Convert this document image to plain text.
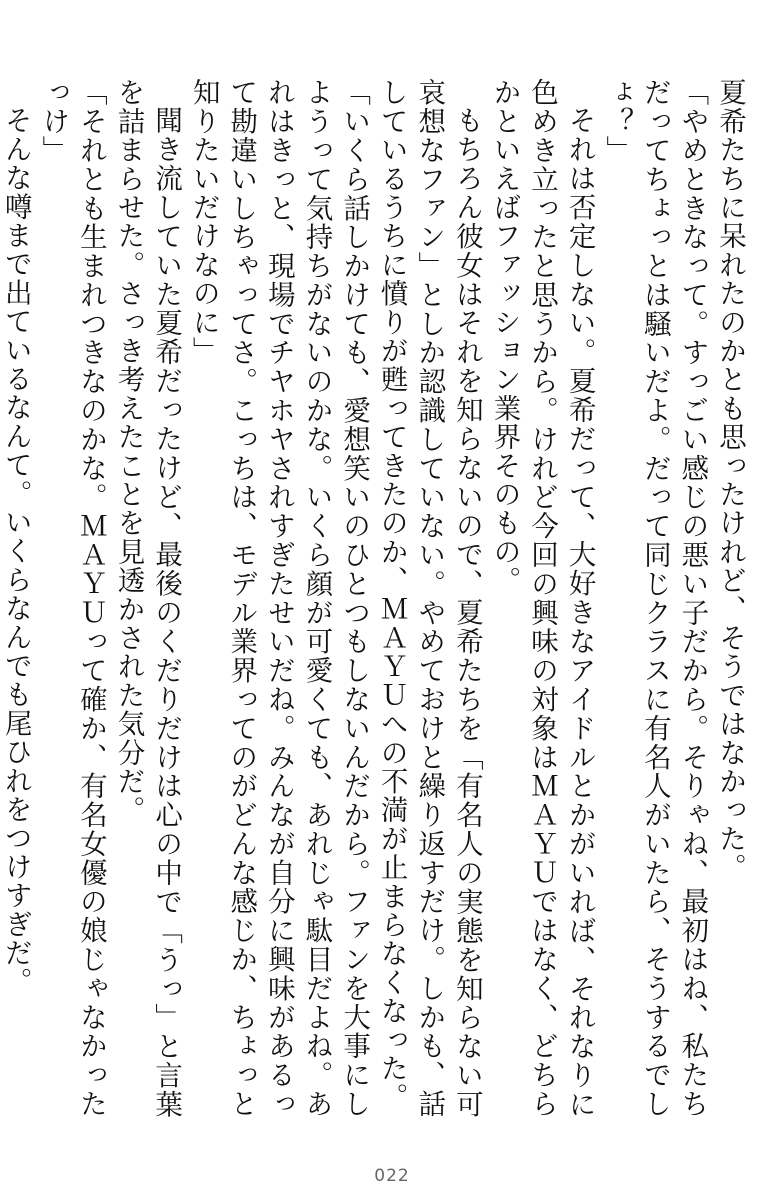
夏希たちに呆れたのかとも思ったけれど、そうではなかった。

「やめときなって。すっごい感じの悪い子だから。そりゃね、最初はね、私たちだってちょっとは騒いだよ。だって同じクラスに有名人がいたら、そうするでしょ？」

それは否定しない。夏希だって、大好きなアイドルとかがいれば、それなりに色めき立ったと思うから。けれど今回の興味の対象はＭＡＹＵではなく、どちらかといえばファッション業界そのもの。

もちろん彼女はそれを知らないので、夏希たちを「有名人の実態を知らない可哀想なファン」としか認識していない。やめておけと繰り返すだけ。しかも、話しているうちに憤りが甦ってきたのか、ＭＡＹＵへの不満が止まらなくなった。

「いくら話しかけても、愛想笑いのひとつもしないんだから。ファンを大事にしようって気持ちがないのかな。いくら顔が可愛くても、あれじゃ駄目だよね。あれはきっと、現場でチヤホヤされすぎたせいだね。みんなが自分に興味があるって勘違いしちゃってさ。こっちは、モデル業界ってのがどんな感じか、ちょっと知りたいだけなのに」

聞き流していた夏希だったけど、最後のくだりだけは心の中で「うっ」と言葉を詰まらせた。さっき考えたことを見透かされた気分だ。

「それとも生まれつきなのかな。ＭＡＹＵって確か、有名女優の娘じゃなかったっけ」

そんな噂まで出ているなんて。いくらなんでも尾ひれをつけすぎだ。

022
